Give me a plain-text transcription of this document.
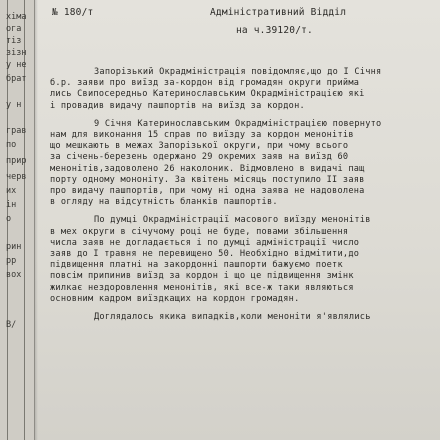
хіма
ога
тіз
зізн
у не
брат
у н
грав
по
прир
черв
их
ін
о
рин
рр
вох
В/
№ 180/т	Адміністративний Відділ
на ч.39120/т.
Запорізький Окрадміністрація повідомляє,що до І Січня
б.р. заяви про виїзд за-кордон від громадян округи прийма
лись Свипосередньо Катеринославським Окрадміністрацією які
і провадив видачу пашпортів на виїзд за кордон.
9 Січня Катеринославським Окрадміністрацією повернуто
нам для виконання 15 справ по виїзду за кордон менонітів
що мешкають в межах Запорізької округи, при чому всього
за січень-березень одержано 29 окремих заяв на виїзд 60
менонітів,задоволено 26 наколоник. Відмовлено в видачі пащ
порту одному мононіту. За квітень місяць поступило ІІ заяв
про видачу пашпортів, при чому ні одна заява не надоволена
в огляду на відсутність бланків пашпортів.
По думці Окрадміністрації масового виїзду менонітів
в мех округи в січучому році не буде, повами збільшення
числа заяв не догладається і по думці адміністрації число
заяв до І травня не перевищено 50. Необхідно відмітити,до
підвищення платні на закордонні пашпорти бажуємо поетк
повсім припинив виїзд за кордон і що це підвищення змінк
жилкає нездоровлення менонітів, які все-ж таки являються
основним кадром виїздкащих на кордон громадян.
Доглядалось якика випадків,коли меноніти я'являлись
